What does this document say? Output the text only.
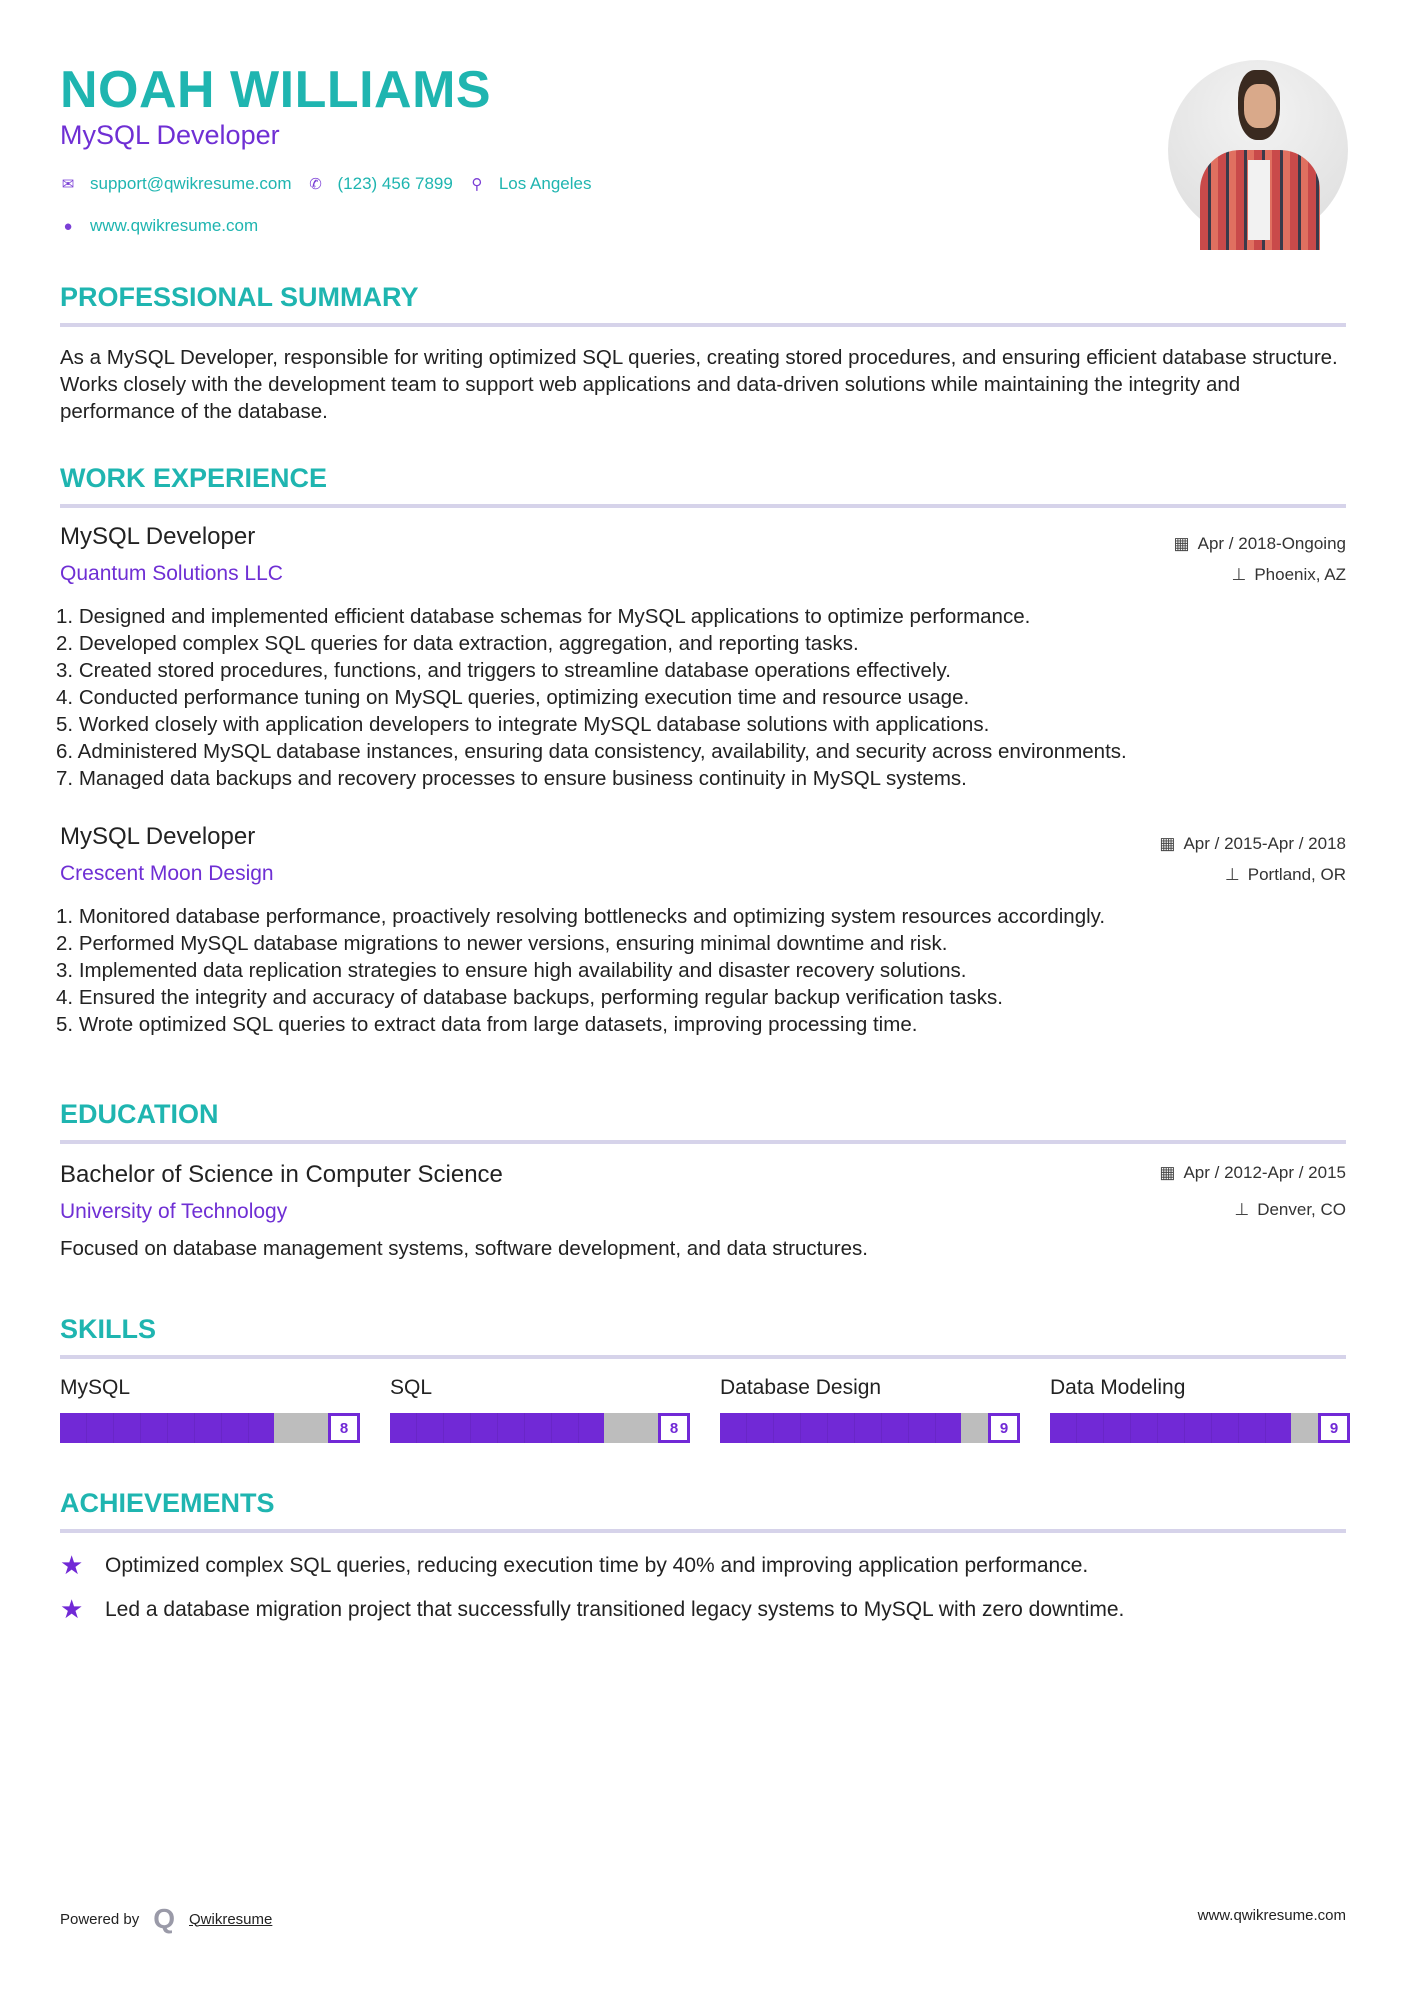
NOAH WILLIAMS
MySQL Developer
✉ support@qwikresume.com ✆ (123) 456 7899 ⚲ Los Angeles
● www.qwikresume.com
PROFESSIONAL SUMMARY
As a MySQL Developer, responsible for writing optimized SQL queries, creating stored procedures, and ensuring efficient database structure. Works closely with the development team to support web applications and data-driven solutions while maintaining the integrity and performance of the database.
WORK EXPERIENCE
MySQL Developer
Quantum Solutions LLC
▦ Apr / 2018-Ongoing
⊥ Phoenix, AZ
Designed and implemented efficient database schemas for MySQL applications to optimize performance.
Developed complex SQL queries for data extraction, aggregation, and reporting tasks.
Created stored procedures, functions, and triggers to streamline database operations effectively.
Conducted performance tuning on MySQL queries, optimizing execution time and resource usage.
Worked closely with application developers to integrate MySQL database solutions with applications.
Administered MySQL database instances, ensuring data consistency, availability, and security across environments.
Managed data backups and recovery processes to ensure business continuity in MySQL systems.
MySQL Developer
Crescent Moon Design
▦ Apr / 2015-Apr / 2018
⊥ Portland, OR
Monitored database performance, proactively resolving bottlenecks and optimizing system resources accordingly.
Performed MySQL database migrations to newer versions, ensuring minimal downtime and risk.
Implemented data replication strategies to ensure high availability and disaster recovery solutions.
Ensured the integrity and accuracy of database backups, performing regular backup verification tasks.
Wrote optimized SQL queries to extract data from large datasets, improving processing time.
EDUCATION
Bachelor of Science in Computer Science
University of Technology
▦ Apr / 2012-Apr / 2015
⊥ Denver, CO
Focused on database management systems, software development, and data structures.
SKILLS
MySQL
8
SQL
8
Database Design
9
Data Modeling
9
ACHIEVEMENTS
★	Optimized complex SQL queries, reducing execution time by 40% and improving application performance.
★	Led a database migration project that successfully transitioned legacy systems to MySQL with zero downtime.
Powered by Q Qwikresume	www.qwikresume.com
